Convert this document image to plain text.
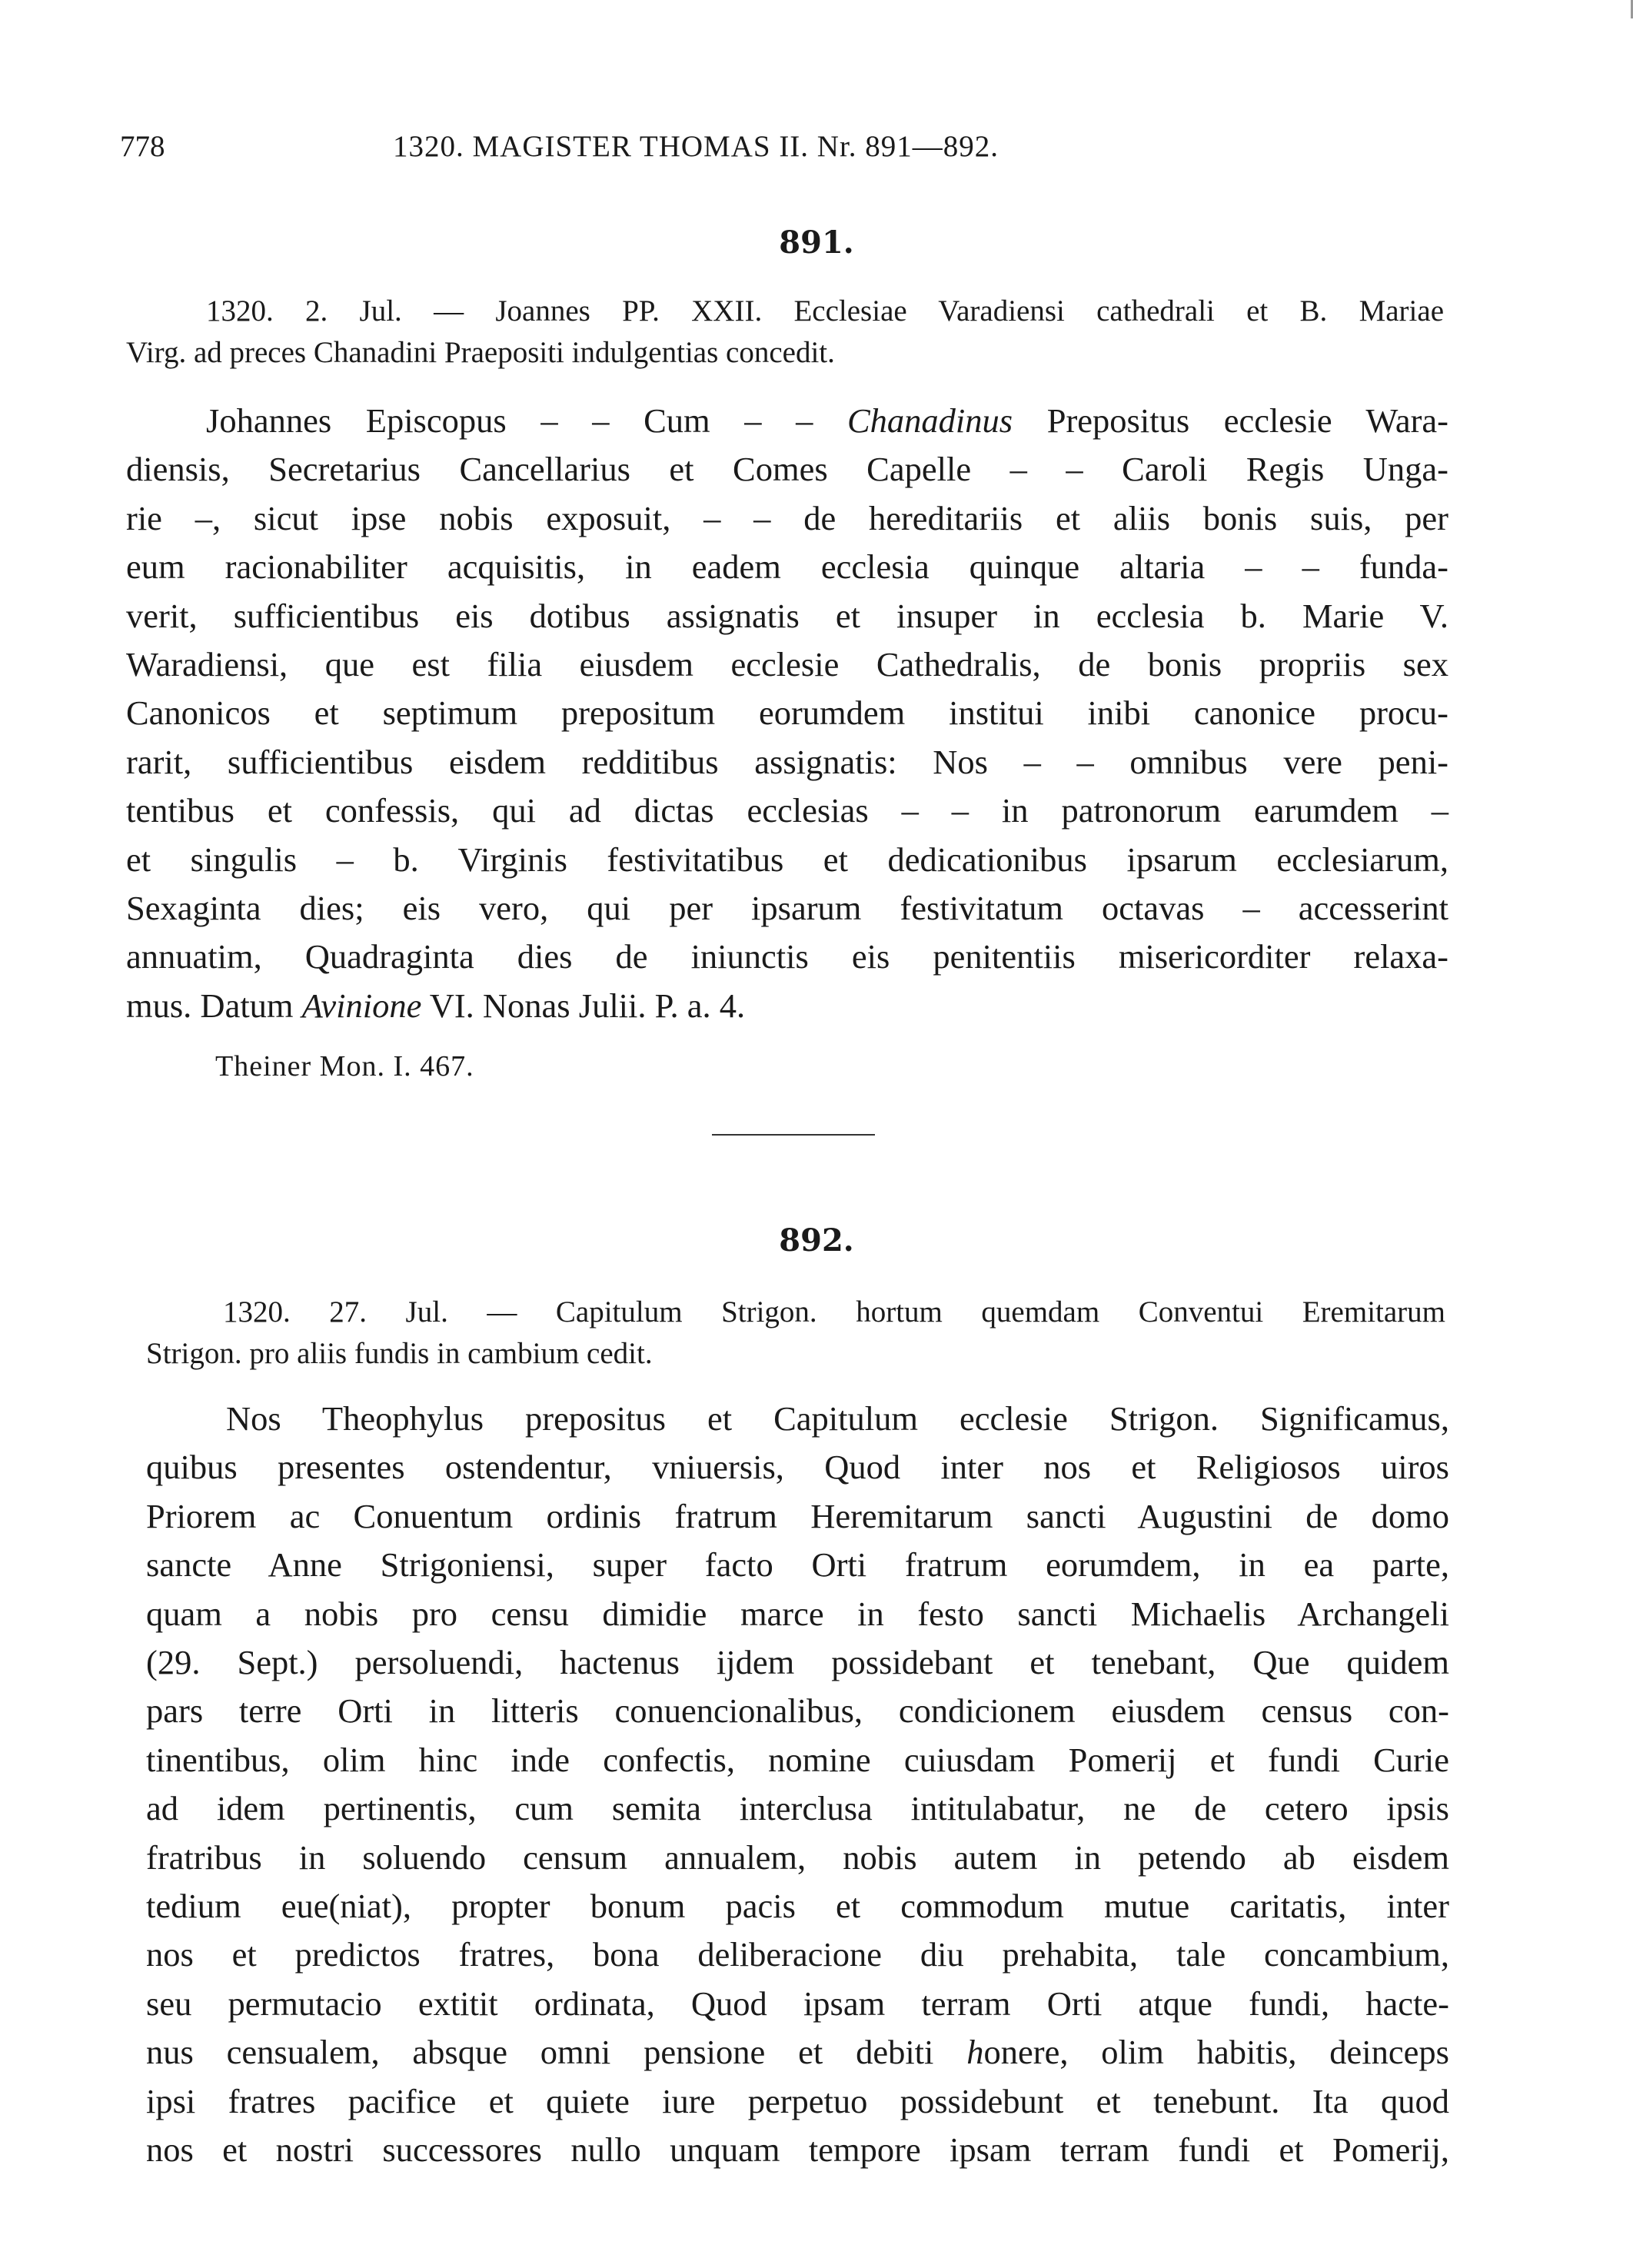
778	1320. MAGISTER THOMAS II. Nr. 891—892.
891.
1320. 2. Jul. — Joannes PP. XXII. Ecclesiae Varadiensi cathedrali et B. Mariae
Virg. ad preces Chanadini Praepositi indulgentias concedit.
Johannes Episcopus – – Cum – – Chanadinus Prepositus ecclesie Wara-
diensis, Secretarius Cancellarius et Comes Capelle – – Caroli Regis Unga-
rie –, sicut ipse nobis exposuit, – – de hereditariis et aliis bonis suis, per
eum racionabiliter acquisitis, in eadem ecclesia quinque altaria – – funda-
verit, sufficientibus eis dotibus assignatis et insuper in ecclesia b. Marie V.
Waradiensi, que est filia eiusdem ecclesie Cathedralis, de bonis propriis sex
Canonicos et septimum prepositum eorumdem institui inibi canonice procu-
rarit, sufficientibus eisdem redditibus assignatis: Nos – – omnibus vere peni-
tentibus et confessis, qui ad dictas ecclesias – – in patronorum earumdem –
et singulis – b. Virginis festivitatibus et dedicationibus ipsarum ecclesiarum,
Sexaginta dies; eis vero, qui per ipsarum festivitatum octavas – accesserint
annuatim, Quadraginta dies de iniunctis eis penitentiis misericorditer relaxa-
mus. Datum Avinione VI. Nonas Julii. P. a. 4.
Theiner Mon. I. 467.
892.
1320. 27. Jul. — Capitulum Strigon. hortum quemdam Conventui Eremitarum
Strigon. pro aliis fundis in cambium cedit.
Nos Theophylus prepositus et Capitulum ecclesie Strigon. Significamus,
quibus presentes ostendentur, vniuersis, Quod inter nos et Religiosos uiros
Priorem ac Conuentum ordinis fratrum Heremitarum sancti Augustini de domo
sancte Anne Strigoniensi, super facto Orti fratrum eorumdem, in ea parte,
quam a nobis pro censu dimidie marce in festo sancti Michaelis Archangeli
(29. Sept.) persoluendi, hactenus ijdem possidebant et tenebant, Que quidem
pars terre Orti in litteris conuencionalibus, condicionem eiusdem census con-
tinentibus, olim hinc inde confectis, nomine cuiusdam Pomerij et fundi Curie
ad idem pertinentis, cum semita interclusa intitulabatur, ne de cetero ipsis
fratribus in soluendo censum annualem, nobis autem in petendo ab eisdem
tedium eue(niat), propter bonum pacis et commodum mutue caritatis, inter
nos et predictos fratres, bona deliberacione diu prehabita, tale concambium,
seu permutacio extitit ordinata, Quod ipsam terram Orti atque fundi, hacte-
nus censualem, absque omni pensione et debiti honere, olim habitis, deinceps
ipsi fratres pacifice et quiete iure perpetuo possidebunt et tenebunt. Ita quod
nos et nostri successores nullo unquam tempore ipsam terram fundi et Pomerij,
